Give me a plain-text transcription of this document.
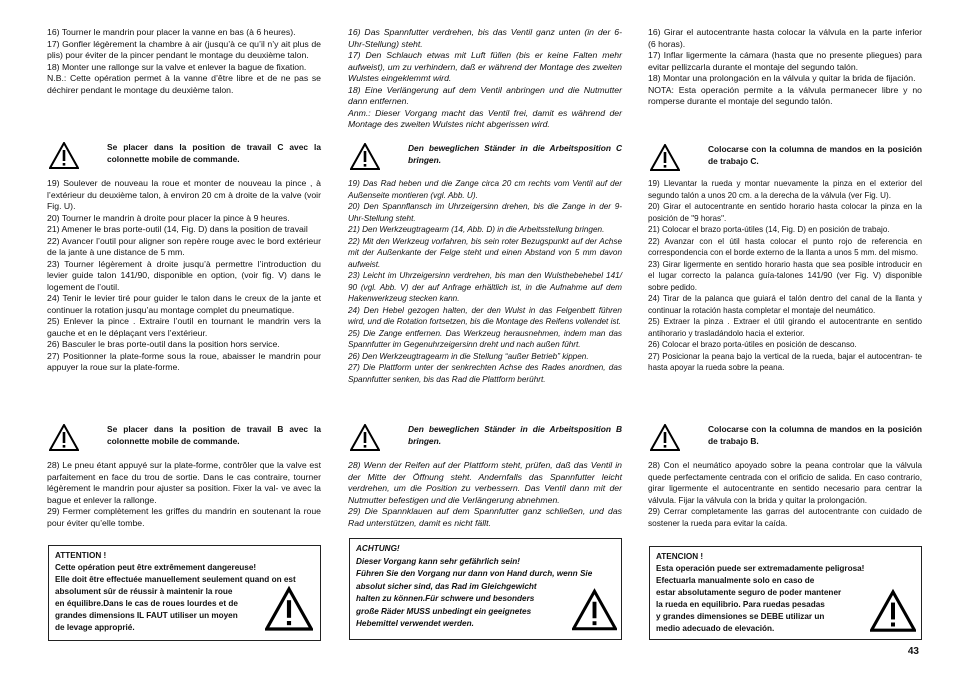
16) Tourner le mandrin pour placer la vanne en bas (à 6 heures).

17) Gonfler légèrement la chambre à air (jusqu’à ce qu’il n’y ait plus de plis) pour éviter de la pincer pendant le montage du deuxième talon.

18) Monter une rallonge sur la valve et enlever la bague de fixation.

N.B.: Cette opération permet à la vanne d’être libre et de ne pas se déchirer pendant le montage du deuxième talon.

Se placer dans la position de travail C avec la colonnette mobile de commande.

19) Soulever de nouveau la roue et monter de nouveau la pince , à l’extérieur du deuxième talon, à environ 20 cm à droite de la valve (voir Fig. U).

20) Tourner le mandrin à droite pour placer la pince à 9 heures.

21) Amener le bras porte-outil (14, Fig. D) dans la position de travail

22) Avancer l’outil pour aligner son repère rouge avec le bord extérieur de la jante à une distance de 5 mm.

23) Tourner légèrement à droite jusqu’à permettre l’introduction du levier guide talon 141/90, disponible en option, (voir fig. V) dans le logement de l’outil.

24) Tenir le levier tiré pour guider le talon dans le creux de la jante et continuer la rotation jusqu’au montage complet du pneumatique.

25) Enlever la pince . Extraire l’outil en tournant le mandrin vers la gauche et en le déplaçant vers l’extérieur.

26) Basculer le bras porte-outil dans la position hors service.

27) Positionner la plate-forme sous la roue, abaisser le mandrin pour appuyer la roue sur la plate-forme.

Se placer dans la position de travail B avec la colonnette mobile de commande.

28) Le pneu étant appuyé sur la plate-forme, contrôler que la valve est parfaitement en face du trou de sortie. Dans le cas contraire, tourner légèrement le mandrin pour ajuster sa position. Fixer la val- ve avec la bague et enlever la rallonge.

29) Fermer complètement les griffes du mandrin en soutenant la roue pour éviter qu’elle tombe.

ATTENTION !
Cette opération peut être extrêmement dangereuse!
Elle doit être effectuée manuellement seulement quand on est
absolument sûr de réussir à maintenir la roue
en équilibre.Dans le cas de roues lourdes et de
grandes dimensions IL FAUT utiliser un moyen
de levage approprié.

16) Das Spannfutter verdrehen, bis das Ventil ganz unten (in der 6- Uhr-Stellung) steht.

17) Den Schlauch etwas mit Luft füllen (bis er keine Falten mehr aufweist), um zu verhindern, daß er während der Montage des zweiten Wulstes eingeklemmt wird.

18) Eine Verlängerung auf dem Ventil anbringen und die Nutmutter dann entfernen.

Anm.: Dieser Vorgang macht das Ventil frei, damit es während der Montage des zweiten Wulstes nicht abgerissen wird.

Den beweglichen Ständer in die Arbeitsposition C bringen.

19) Das Rad heben und die Zange circa 20 cm rechts vom Ventil auf der Außenseite montieren (vgl. Abb. U).

20) Den Spannflansch im Uhrzeigersinn drehen, bis die Zange in der 9- Uhr-Stellung steht.

21) Den Werkzeugtragearm (14, Abb. D) in die Arbeitsstellung bringen.

22) Mit den Werkzeug vorfahren, bis sein roter Bezugspunkt auf der Achse mit der Außenkante der Felge steht und einen Abstand von 5 mm davon aufweist.

23) Leicht im Uhrzeigersinn verdrehen, bis man den Wulsthebehebel 141/ 90 (vgl. Abb. V) der auf Anfrage erhältlich ist, in die Aufnahme auf dem Hakenwerkzeug stecken kann.

24) Den Hebel gezogen halten, der den Wulst in das Felgenbett führen wird, und die Rotation fortsetzen, bis die Montage des Reifens vollendet ist.

25) Die Zange entfernen. Das Werkzeug herausnehmen, indem man das Spannfutter im Gegenuhrzeigersinn dreht und nach außen führt.

26) Den Werkzeugtragearm in die Stellung “außer Betrieb” kippen.

27) Die Plattform unter der senkrechten Achse des Rades anordnen, das Spannfutter senken, bis das Rad die Plattform berührt.

Den beweglichen Ständer in die Arbeitsposition B bringen.

28) Wenn der Reifen auf der Plattform steht, prüfen, daß das Ventil in der Mitte der Öffnung steht. Andernfalls das Spannfutter leicht verdrehen, um die Position zu verbessern. Das Ventil dann mit der Nutmutter befestigen und die Verlängerung abnehmen.

29) Die Spannklauen auf dem Spannfutter ganz schließen, und das Rad unterstützen, damit es nicht fällt.

ACHTUNG!
Dieser Vorgang kann sehr gefährlich sein!
Führen Sie den Vorgang nur dann von Hand durch, wenn Sie
absolut sicher sind, das Rad im Gleichgewicht
halten zu können.Für schwere und besonders
große Räder MUSS unbedingt ein geeignetes
Hebemittel verwendet werden.

16) Girar el autocentrante hasta colocar la válvula en la parte inferior (6 horas).

17) Inflar ligermente la cámara (hasta que no presente pliegues) para evitar pellizcarla durante el montaje del segundo talón.

18) Montar una prolongación en la válvula y quitar la brida de fijación.

NOTA: Esta operación permite a la válvula permanecer libre y no romperse durante el montaje del segundo talón.

Colocarse con la columna de mandos en la posición de trabajo C.

19) Llevantar la rueda y montar nuevamente la pinza en el exterior del segundo talón a unos 20 cm. a la derecha de la válvula (ver Fig. U).

20) Girar el autocentrante en sentido horario hasta colocar la pinza en la posición de "9 horas".

21) Colocar el brazo porta-útiles (14, Fig. D) en posición de trabajo.

22) Avanzar con el útil hasta colocar el punto rojo de referencia en correspondencia con el borde externo de la llanta a unos 5 mm. del mismo.

23) Girar ligermente en sentido horario hasta que sea posible introducir en el lugar correcto la palanca guía-talones 141/90 (ver Fig. V) disponible sobre pedido.

24) Tirar de la palanca que guiará el talón dentro del canal de la llanta y continuar la rotación hasta completar el montaje del neumático.

25) Extraer la pinza . Extraer el útil girando el autocentrante en sentido antihorario y trasladándolo hacia el exterior.

26) Colocar el brazo porta-útiles en posición de descanso.

27) Posicionar la peana bajo la vertical de la rueda, bajar el autocentran- te hasta apoyar la rueda sobre la peana.

Colocarse con la columna de mandos en la posición de trabajo B.

28) Con el neumático apoyado sobre la peana controlar que la válvula quede perfectamente centrada con el orificio de salida. En caso contrario, girar ligermente el autocentrante en sentido necesario para centrar la válvula. Fijar la válvula con la brida y quitar la prolongación.

29) Cerrar completamente las garras del autocentrante con cuidado de sostener la rueda para evitar la caída.

ATENCION !
Esta operación puede ser extremadamente peligrosa!
Efectuarla manualmente solo en caso de
estar absolutamente seguro de poder mantener
la rueda en equilibrio. Para ruedas pesadas
y grandes dimensiones se DEBE utilizar un
medio adecuado de elevación.
43
